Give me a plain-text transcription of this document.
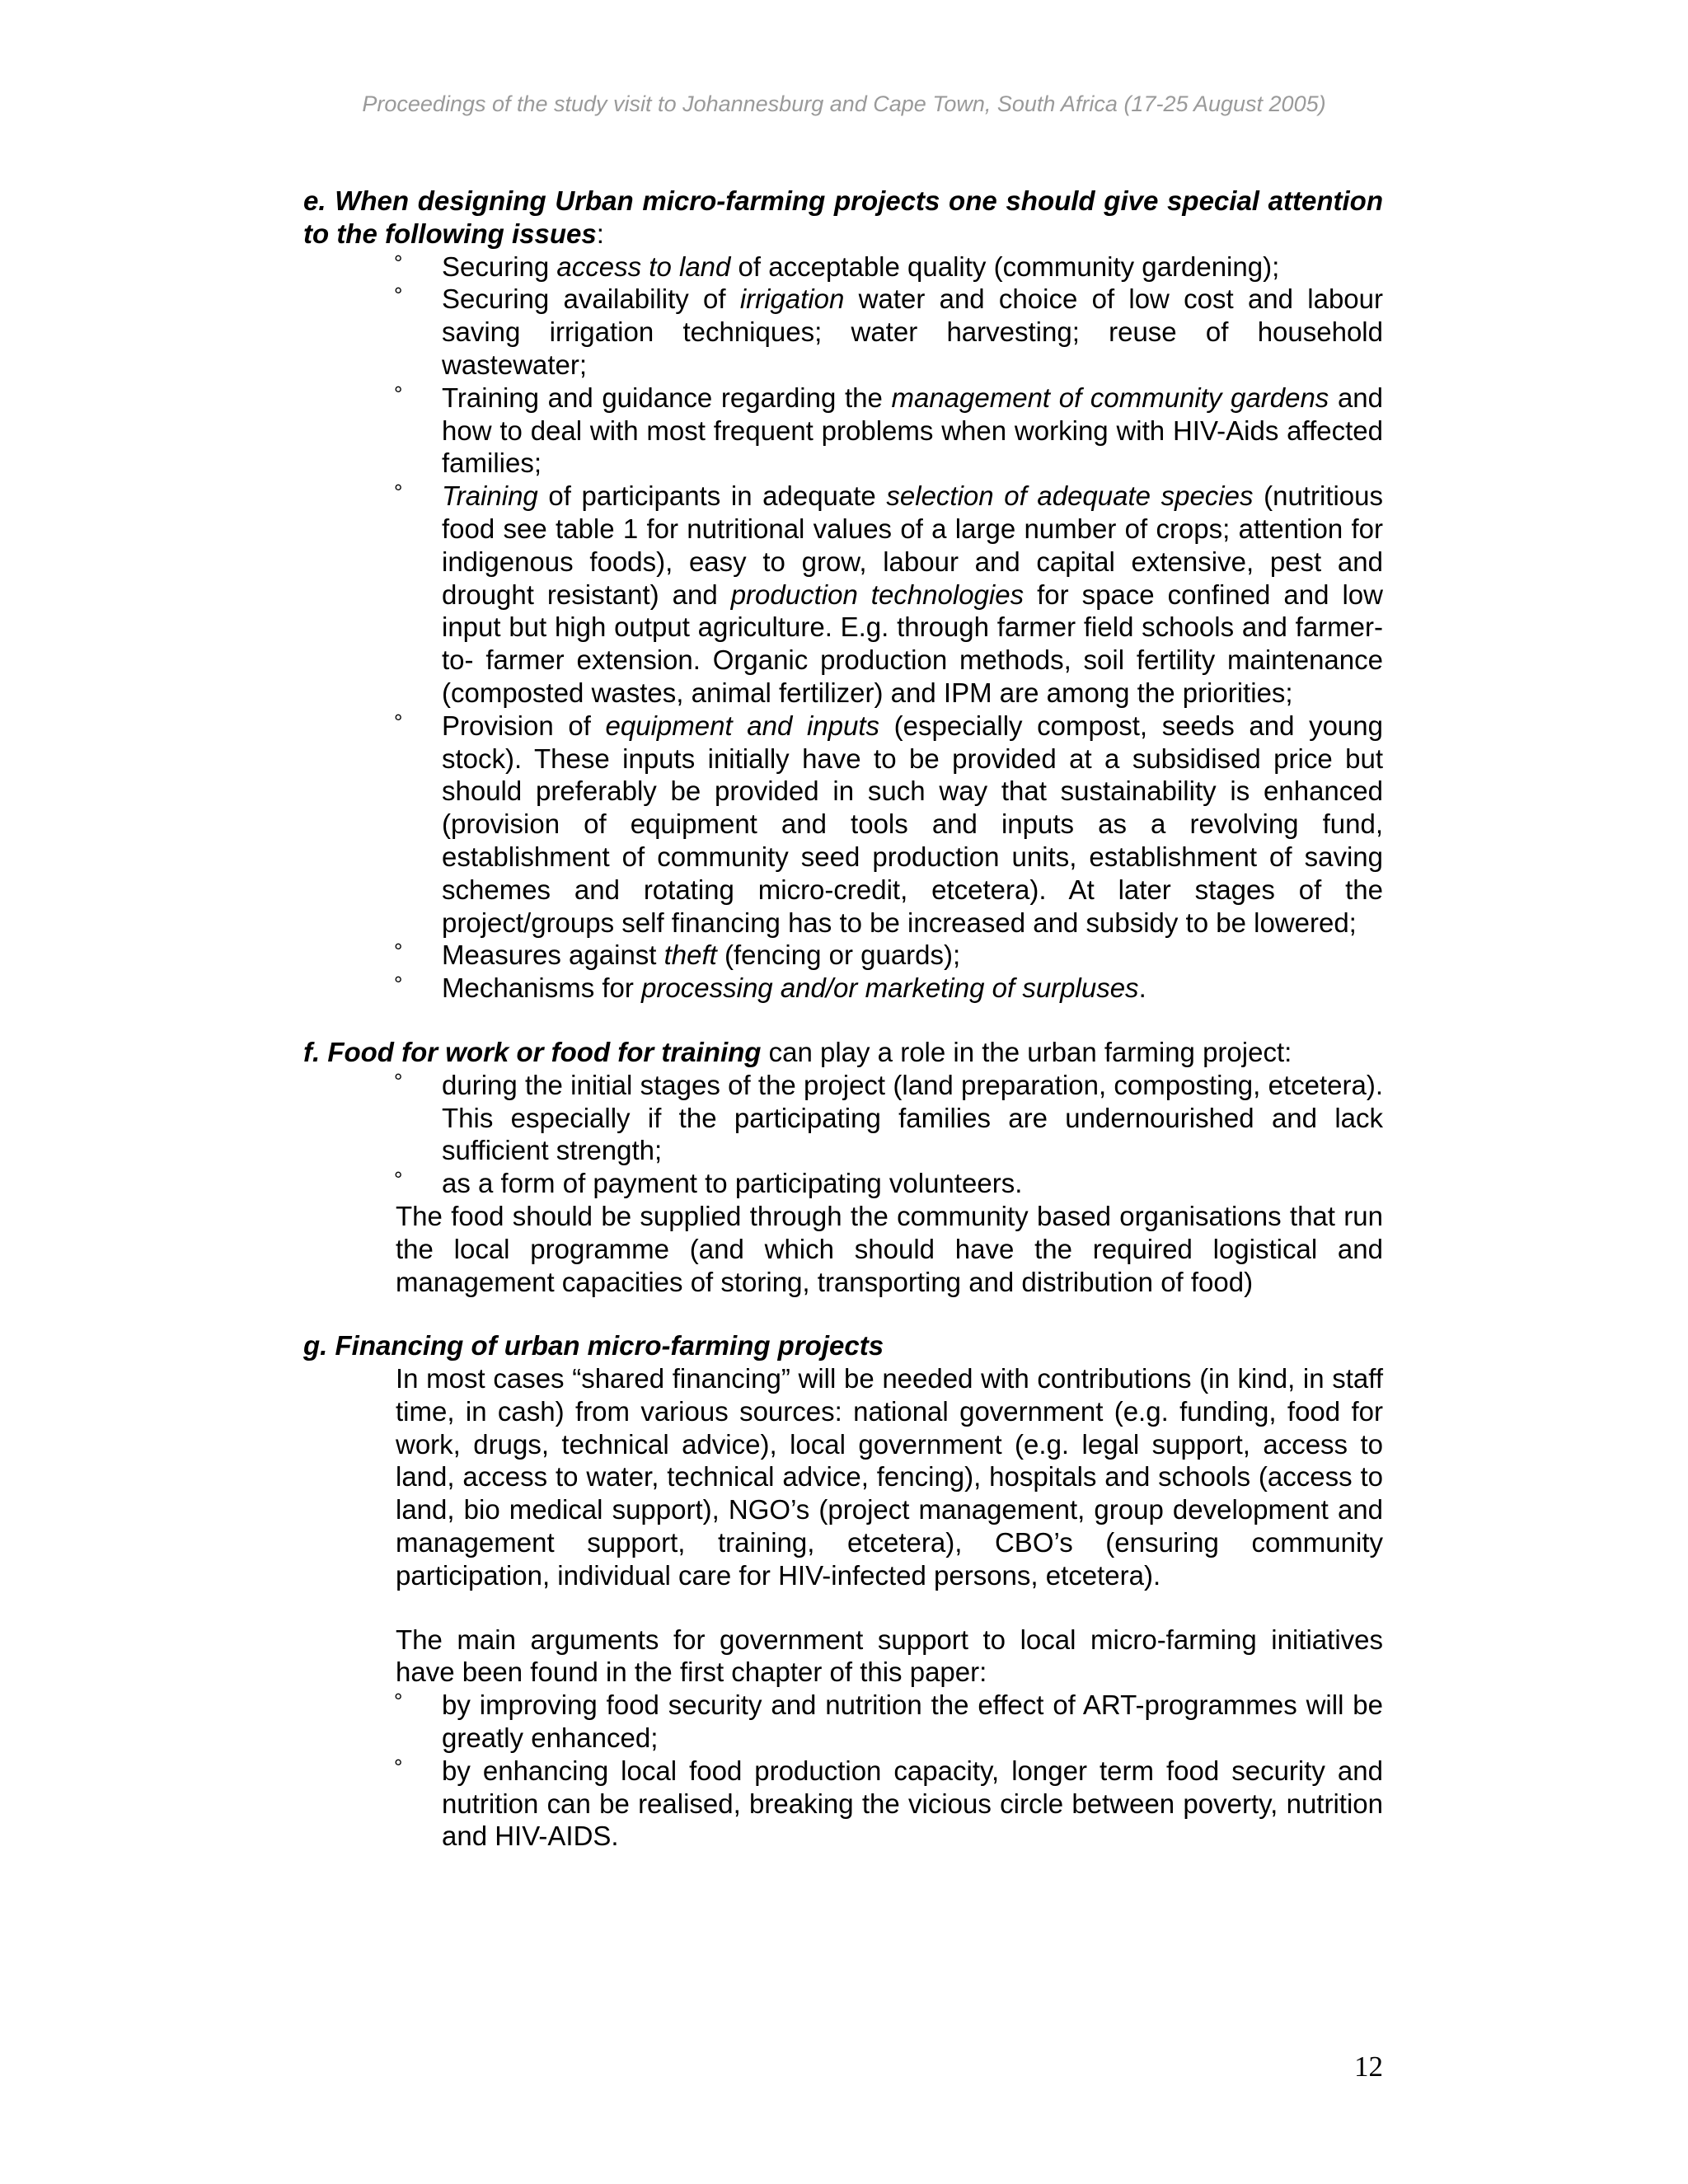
Proceedings of the study visit to Johannesburg and Cape Town, South Africa (17-25 August 2005)

e. When designing Urban micro-farming projects one should give special attention to the following issues:

° Securing access to land of acceptable quality (community gardening);
° Securing availability of irrigation water and choice of low cost and labour saving irrigation techniques; water harvesting; reuse of household wastewater;
° Training and guidance regarding the management of community gardens and how to deal with most frequent problems when working with HIV-Aids affected families;
° Training of participants in adequate selection of adequate species (nutritious food see table 1 for nutritional values of a large number of crops; attention for indigenous foods), easy to grow, labour and capital extensive, pest and drought resistant) and production technologies for space confined and low input but high output agriculture. E.g. through farmer field schools and farmer- to- farmer extension. Organic production methods, soil fertility maintenance (composted wastes, animal fertilizer) and IPM are among the priorities;
° Provision of equipment and inputs (especially compost, seeds and young stock). These inputs initially have to be provided at a subsidised price but should preferably be provided in such way that sustainability is enhanced (provision of equipment and tools and inputs as a revolving fund, establishment of community seed production units, establishment of saving schemes and rotating micro-credit, etcetera). At later stages of the project/groups self financing has to be increased and subsidy to be lowered;
° Measures against theft (fencing or guards);
° Mechanisms for processing and/or marketing of surpluses.

f. Food for work or food for training can play a role in the urban farming project:

° during the initial stages of the project (land preparation, composting, etcetera). This especially if the participating families are undernourished and lack sufficient strength;
° as a form of payment to participating volunteers.

The food should be supplied through the community based organisations that run the local programme (and which should have the required logistical and management capacities of storing, transporting and distribution of food)

g. Financing of urban micro-farming projects

In most cases “shared financing” will be needed with contributions (in kind, in staff time, in cash) from various sources: national government (e.g. funding, food for work, drugs, technical advice), local government (e.g. legal support, access to land, access to water, technical advice, fencing), hospitals and schools (access to land, bio medical support), NGO’s (project management, group development and management support, training, etcetera), CBO’s (ensuring community participation, individual care for HIV-infected persons, etcetera).

The main arguments for government support to local micro-farming initiatives have been found in the first chapter of this paper:

° by improving food security and nutrition the effect of ART-programmes will be greatly enhanced;
° by enhancing local food production capacity, longer term food security and nutrition can be realised, breaking the vicious circle between poverty, nutrition and HIV-AIDS.

12
